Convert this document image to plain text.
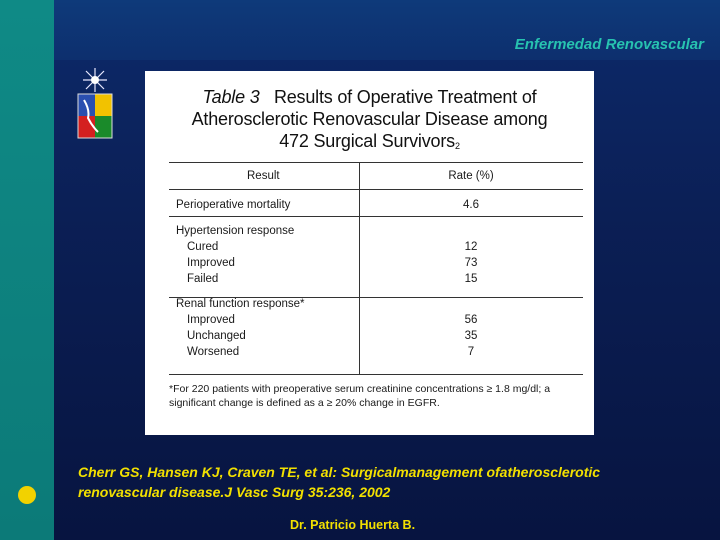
Enfermedad Renovascular
Table 3 Results of Operative Treatment of
Atherosclerotic Renovascular Disease among
472 Surgical Survivors$^2$
Result	Rate (%)
Perioperative mortality	4.6
Hypertension response
Cured	12
Improved	73
Failed	15
Renal function response*
Improved	56
Unchanged	35
Worsened	7
*For 220 patients with preoperative serum creatinine concentrations ≥ 1.8 mg/dl; a significant change is defined as a ≥ 20% change in EGFR.
Cherr GS, Hansen KJ, Craven TE, et al: Surgicalmanagement ofatherosclerotic
renovascular disease.J Vasc Surg 35:236, 2002
Dr. Patricio Huerta B.
